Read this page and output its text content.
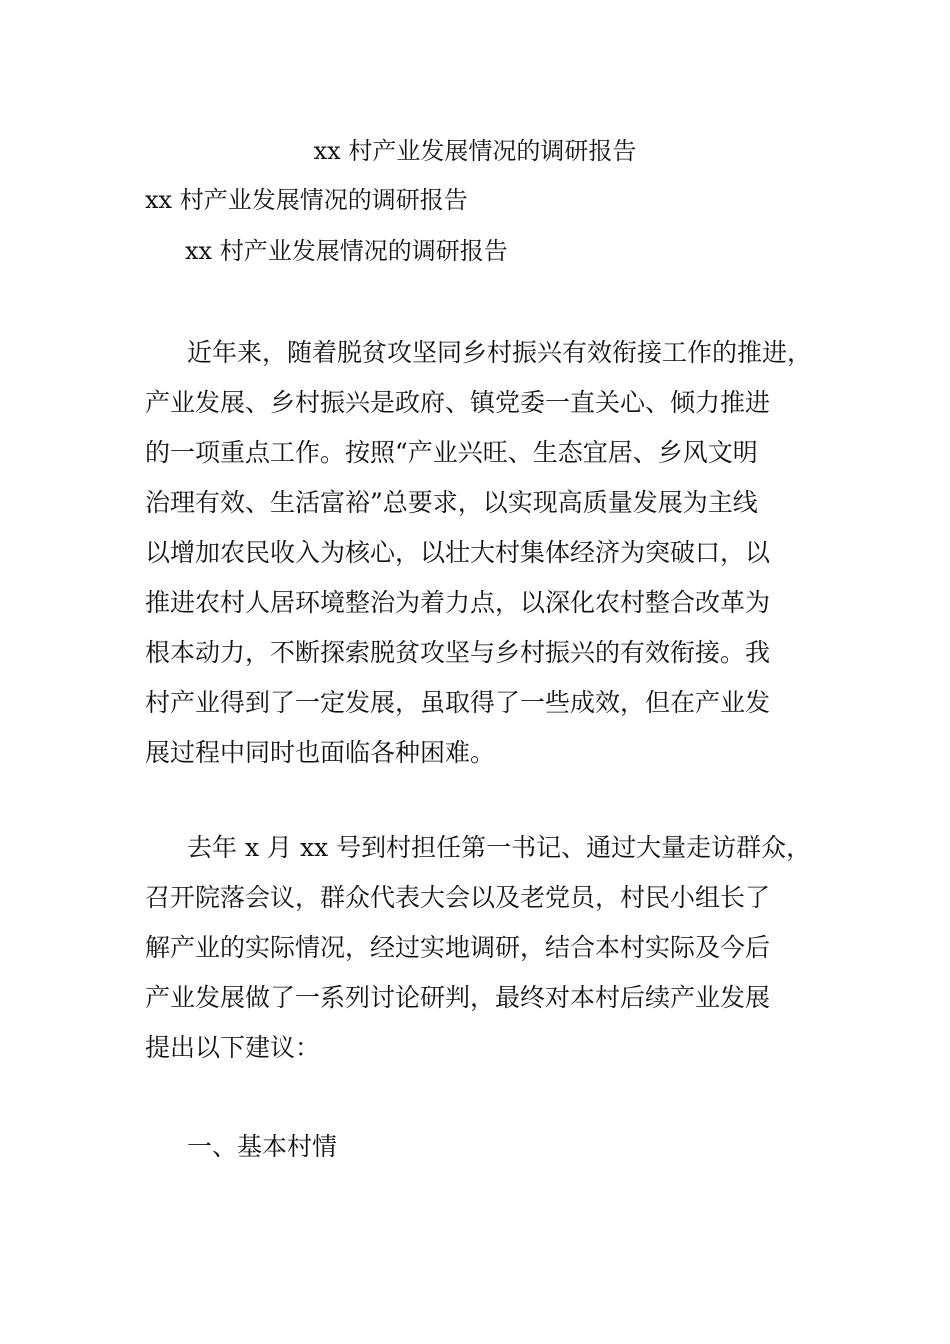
xx 村产业发展情况的调研报告
xx 村产业发展情况的调研报告
xx 村产业发展情况的调研报告

近年来，随着脱贫攻坚同乡村振兴有效衔接工作的推进，
产业发展、乡村振兴是政府、镇党委一直关心、倾力推进
的一项重点工作。按照“产业兴旺、生态宜居、乡风文明
治理有效、生活富裕”总要求，以实现高质量发展为主线
以增加农民收入为核心，以壮大村集体经济为突破口，以
推进农村人居环境整治为着力点，以深化农村整合改革为
根本动力，不断探索脱贫攻坚与乡村振兴的有效衔接。我
村产业得到了一定发展，虽取得了一些成效，但在产业发
展过程中同时也面临各种困难。

去年 x 月 xx 号到村担任第一书记、通过大量走访群众，
召开院落会议，群众代表大会以及老党员，村民小组长了
解产业的实际情况，经过实地调研，结合本村实际及今后
产业发展做了一系列讨论研判，最终对本村后续产业发展
提出以下建议：

一、基本村情
